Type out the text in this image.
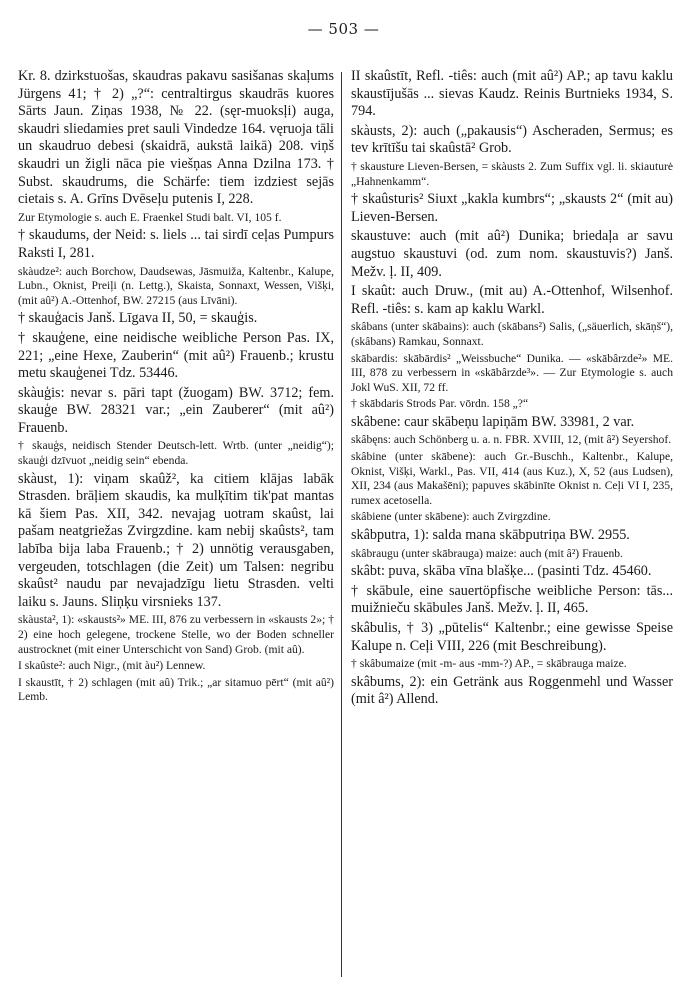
— 503 —

Kr. 8. dzirkstuošas, skaudras pakavu sasišanas skaļums Jürgens 41; † 2) „?“: centraltirgus skaudrās kuores Sārts Jaun. Ziņas 1938, № 22. (sęr-muoksļi) auga, skaudri sliedamies pret sauli Vindedze 164. vęruoja tāli un skaudruo debesi (skaidrā, aukstā laikā) 208. viņš skaudri un žigli nāca pie viešņas Anna Dzilna 173. † Subst. skaudrums, die Schärfe: tiem izdziest sejās cietais s. A. Grīns Dvēseļu putenis I, 228.

Zur Etymologie s. auch E. Fraenkel Studi balt. VI, 105 f.

† skaudums, der Neid: s. liels ... tai sirdī ceļas Pumpurs Raksti I, 281.

skàudze²: auch Borchow, Daudsewas, Jāsmuiža, Kaltenbr., Kalupe, Lubn., Oknist, Preiļi (n. Lettg.), Skaista, Sonnaxt, Wessen, Višķi, (mit aû²) A.-Ottenhof, BW. 27215 (aus Līvāni).

† skauģacis Janš. Līgava II, 50, = skauģis.

† skauģene, eine neidische weibliche Person Pas. IX, 221; „eine Hexe, Zauberin“ (mit aû²) Frauenb.; krustu metu skauģenei Tdz. 53446.

skàuģis: nevar s. pāri tapt (žuogam) BW. 3712; fem. skauģe BW. 28321 var.; „ein Zauberer“ (mit aû²) Frauenb.

† skauģs, neidisch Stender Deutsch-lett. Wrtb. (unter „neidig“); skauģi dzīvuot „neidig sein“ ebenda.

skàust, 1): viņam skaûž², ka citiem klājas labāk Strasden. brāļiem skaudis, ka mulķītim tik'pat mantas kā šiem Pas. XII, 342. nevajag uotram skaûst, lai pašam neatgriežas Zvirgzdine. kam nebij skaûsts², tam labība bija laba Frauenb.; † 2) unnötig verausgaben, vergeuden, totschlagen (die Zeit) um Talsen: negribu skaûst² naudu par nevajadzīgu lietu Strasden. velti laiku s. Jauns. Sliņķu virsnieks 137.

skàusta², 1): «skausts²» ME. III, 876 zu verbessern in «skausts 2»; † 2) eine hoch gelegene, trockene Stelle, wo der Boden schneller austrocknet (mit einer Unterschicht von Sand) Grob. (mit aû).

I skaûste²: auch Nigr., (mit àu²) Lennew.

I skaustīt, † 2) schlagen (mit aû) Trik.; „ar sitamuo pērt“ (mit aû²) Lemb.

II skaûstīt, Refl. -tiês: auch (mit aû²) AP.; ap tavu kaklu skaustījušās ... sievas Kaudz. Reinis Burtnieks 1934, S. 794.

skàusts, 2): auch („pakausis“) Ascheraden, Sermus; es tev krītīšu tai skaûstā² Grob.

† skausture Lieven-Bersen, = skàusts 2. Zum Suffix vgl. li. skiauturė „Hahnenkamm“.

† skaûsturis² Siuxt „kakla kumbrs“; „skausts 2“ (mit au) Lieven-Bersen.

skaustuve: auch (mit aû²) Dunika; briedaļa ar savu augstuo skaustuvi (od. zum nom. skaustuvis?) Janš. Mežv. ļ. II, 409.

I skaût: auch Druw., (mit au) A.-Ottenhof, Wilsenhof. Refl. -tiês: s. kam ap kaklu Warkl.

skâbans (unter skābains): auch (skābans²) Salis, („säuerlich, skāņš“), (skâbans) Ramkau, Sonnaxt.

skābardis: skābārdis² „Weissbuche“ Dunika. — «skābârzde²» ME. III, 878 zu verbessern in «skābârzde³». — Zur Etymologie s. auch Jokl WuS. XII, 72 ff.

† skābdaris Strods Par. vōrdn. 158 „?“

skâbene: caur skābeņu lapiņām BW. 33981, 2 var.

skâbęns: auch Schönberg u. a. n. FBR. XVIII, 12, (mit â²) Seyershof.

skâbine (unter skābene): auch Gr.-Buschh., Kaltenbr., Kalupe, Oknist, Višķi, Warkl., Pas. VII, 414 (aus Kuz.), X, 52 (aus Ludsen), XII, 234 (aus Makašēni); papuves skābinīte Oknist n. Ceļi VI I, 235, rumex acetosella.

skâbiene (unter skābene): auch Zvirgzdine.

skâbputra, 1): salda mana skābputriņa BW. 2955.

skâbraugu (unter skābrauga) maize: auch (mit â²) Frauenb.

skâbt: puva, skāba vīna blašķe... (pasinti Tdz. 45460.

† skābule, eine sauertöpfische weibliche Person: tās... muižnieču skābules Janš. Mežv. ļ. II, 465.

skâbulis, † 3) „pūtelis“ Kaltenbr.; eine gewisse Speise Kalupe n. Ceļi VIII, 226 (mit Beschreibung).

† skâbumaize (mit -m- aus -mm-?) AP., = skābrauga maize.

skâbums, 2): ein Getränk aus Roggenmehl und Wasser (mit â²) Allend.
